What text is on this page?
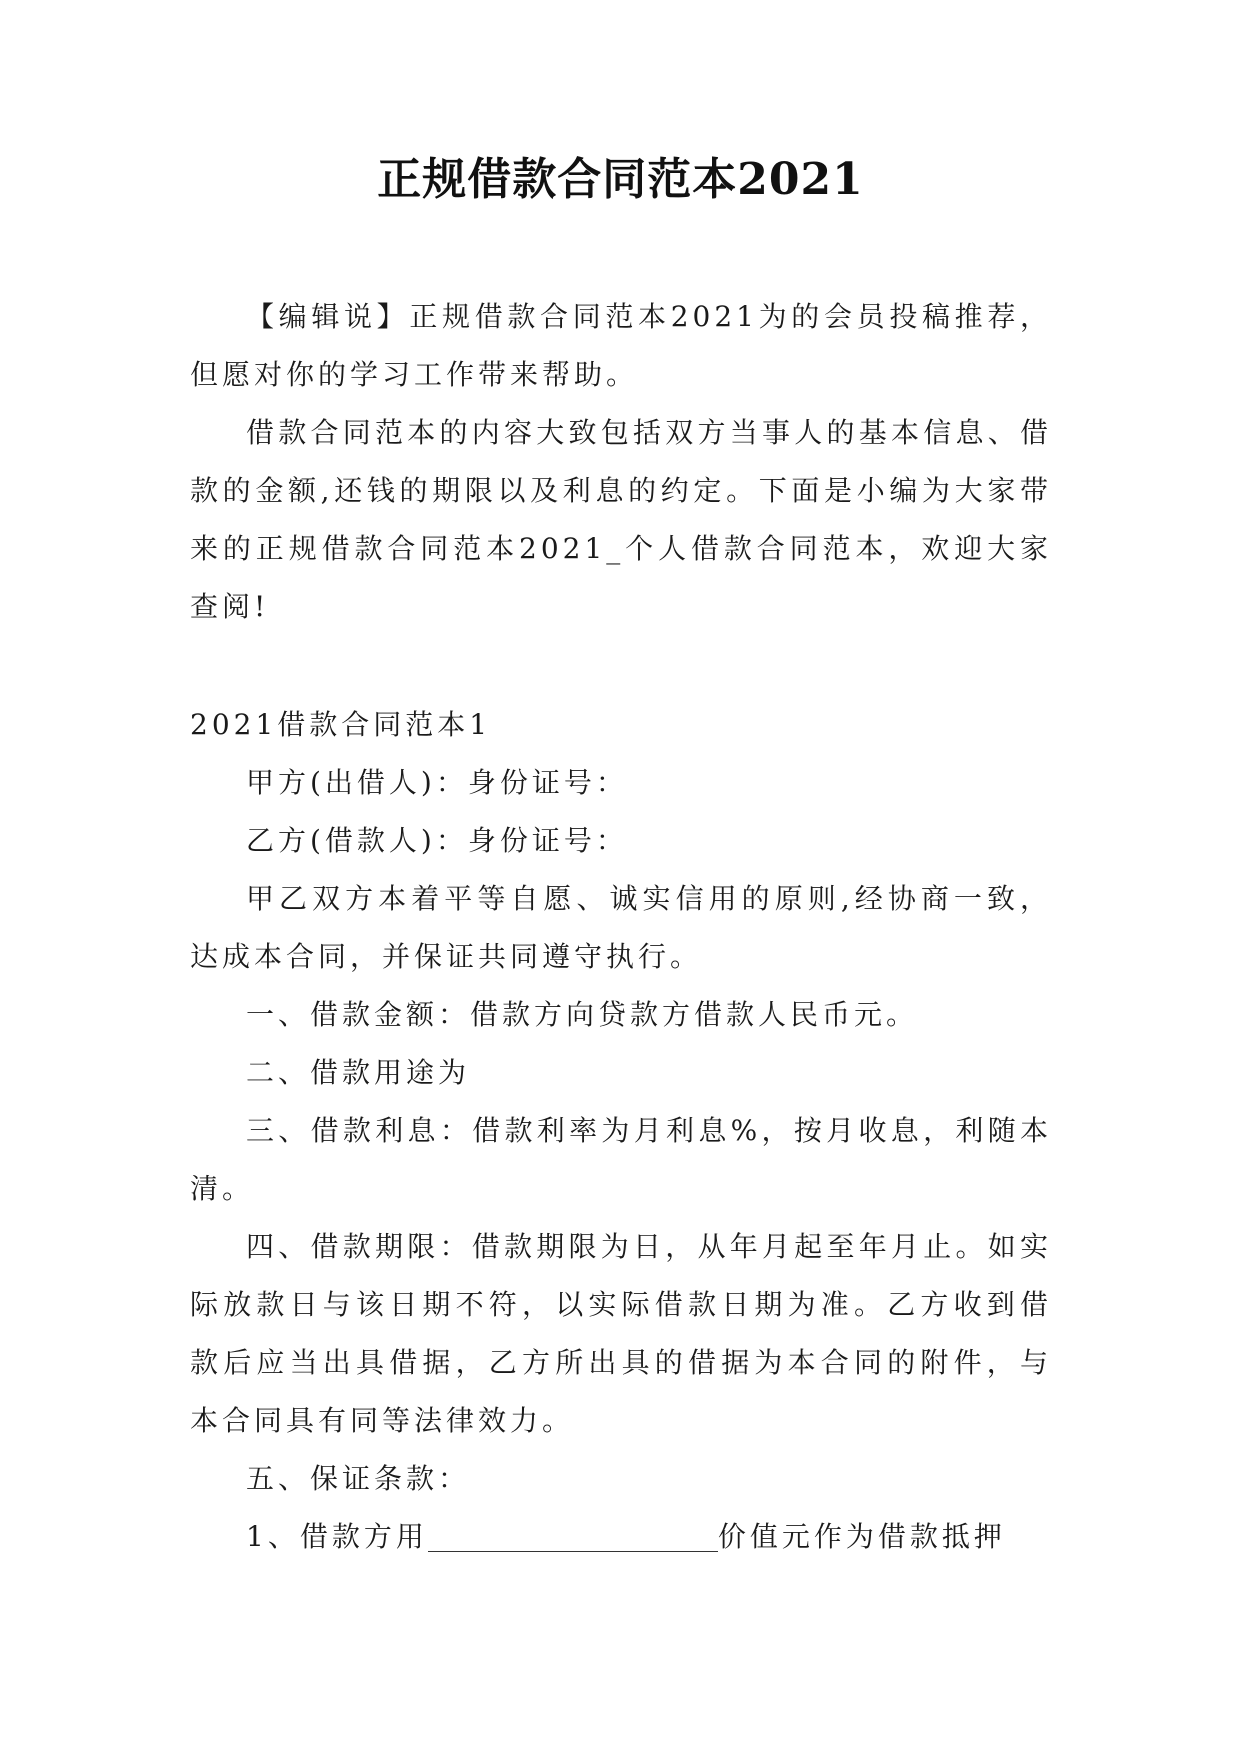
正规借款合同范本2021

【编辑说】正规借款合同范本2021为的会员投稿推荐，但愿对你的学习工作带来帮助。

借款合同范本的内容大致包括双方当事人的基本信息、借款的金额,还钱的期限以及利息的约定。下面是小编为大家带来的正规借款合同范本2021_个人借款合同范本，欢迎大家查阅!

2021借款合同范本1

甲方(出借人)：身份证号：

乙方(借款人)：身份证号：

甲乙双方本着平等自愿、诚实信用的原则,经协商一致，达成本合同，并保证共同遵守执行。

一、借款金额：借款方向贷款方借款人民币元。

二、借款用途为

三、借款利息：借款利率为月利息%，按月收息，利随本清。

四、借款期限：借款期限为日，从年月起至年月止。如实际放款日与该日期不符，以实际借款日期为准。乙方收到借款后应当出具借据，乙方所出具的借据为本合同的附件，与本合同具有同等法律效力。

五、保证条款：

1、借款方用	价值元作为借款抵押
